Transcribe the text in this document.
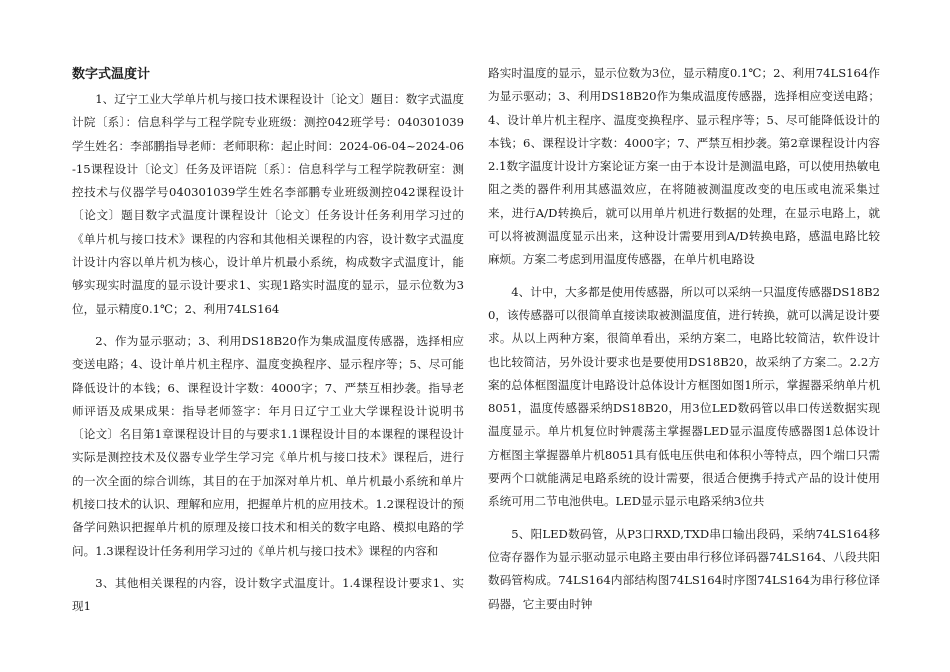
数字式温度计

1、辽宁工业大学单片机与接口技术课程设计〔论文〕题目：数字式温度计院〔系〕：信息科学与工程学院专业班级：测控042班学号：040301039学生姓名：李部鹏指导老师：老师职称：起止时间：2024-06-04~2024-06-15课程设计〔论文〕任务及评语院〔系〕：信息科学与工程学院教研室：测控技术与仪器学号040301039学生姓名李部鹏专业班级测控042课程设计〔论文〕题目数字式温度计课程设计〔论文〕任务设计任务利用学习过的《单片机与接口技术》课程的内容和其他相关课程的内容，设计数字式温度计设计内容以单片机为核心，设计单片机最小系统，构成数字式温度计，能够实现实时温度的显示设计要求1、实现1路实时温度的显示，显示位数为3位，显示精度0.1℃；2、利用74LS164

2、作为显示驱动；3、利用DS18B20作为集成温度传感器，选择相应变送电路；4、设计单片机主程序、温度变换程序、显示程序等；5、尽可能降低设计的本钱；6、课程设计字数：4000字；7、严禁互相抄袭。指导老师评语及成果成果：指导老师签字：年月日辽宁工业大学课程设计说明书〔论文〕名目第1章课程设计目的与要求1.1课程设计目的本课程的课程设计实际是测控技术及仪器专业学生学习完《单片机与接口技术》课程后，进行的一次全面的综合训练，其目的在于加深对单片机、单片机最小系统和单片机接口技术的认识、理解和应用，把握单片机的应用技术。1.2课程设计的预备学问熟识把握单片机的原理及接口技术和相关的数字电路、模拟电路的学问。1.3课程设计任务利用学习过的《单片机与接口技术》课程的内容和

3、其他相关课程的内容，设计数字式温度计。1.4课程设计要求1、实现1

路实时温度的显示，显示位数为3位，显示精度0.1℃；2、利用74LS164作为显示驱动；3、利用DS18B20作为集成温度传感器，选择相应变送电路；4、设计单片机主程序、温度变换程序、显示程序等；5、尽可能降低设计的本钱；6、课程设计字数：4000字；7、严禁互相抄袭。第2章课程设计内容2.1数字温度计设计方案论证方案一由于本设计是测温电路，可以使用热敏电阻之类的器件利用其感温效应，在将随被测温度改变的电压或电流采集过来，进行A/D转换后，就可以用单片机进行数据的处理，在显示电路上，就可以将被测温度显示出来，这种设计需要用到A/D转换电路，感温电路比较麻烦。方案二考虑到用温度传感器，在单片机电路设

4、计中，大多都是使用传感器，所以可以采纳一只温度传感器DS18B20，该传感器可以很简单直接读取被测温度值，进行转换，就可以满足设计要求。从以上两种方案，很简单看出，采纳方案二，电路比较简洁，软件设计也比较简洁，另外设计要求也是要使用DS18B20，故采纳了方案二。2.2方案的总体框图温度计电路设计总体设计方框图如图1所示，掌握器采纳单片机8051，温度传感器采纳DS18B20，用3位LED数码管以串口传送数据实现温度显示。单片机复位时钟震荡主掌握器LED显示温度传感器图1总体设计方框图主掌握器单片机8051具有低电压供电和体积小等特点，四个端口只需要两个口就能满足电路系统的设计需要，很适合便携手持式产品的设计使用系统可用二节电池供电。LED显示显示电路采纳3位共

5、阳LED数码管，从P3口RXD,TXD串口输出段码，采纳74LS164移位寄存器作为显示驱动显示电路主要由串行移位译码器74LS164、八段共阳数码管构成。74LS164内部结构图74LS164时序图74LS164为串行移位译码器，它主要由时钟
